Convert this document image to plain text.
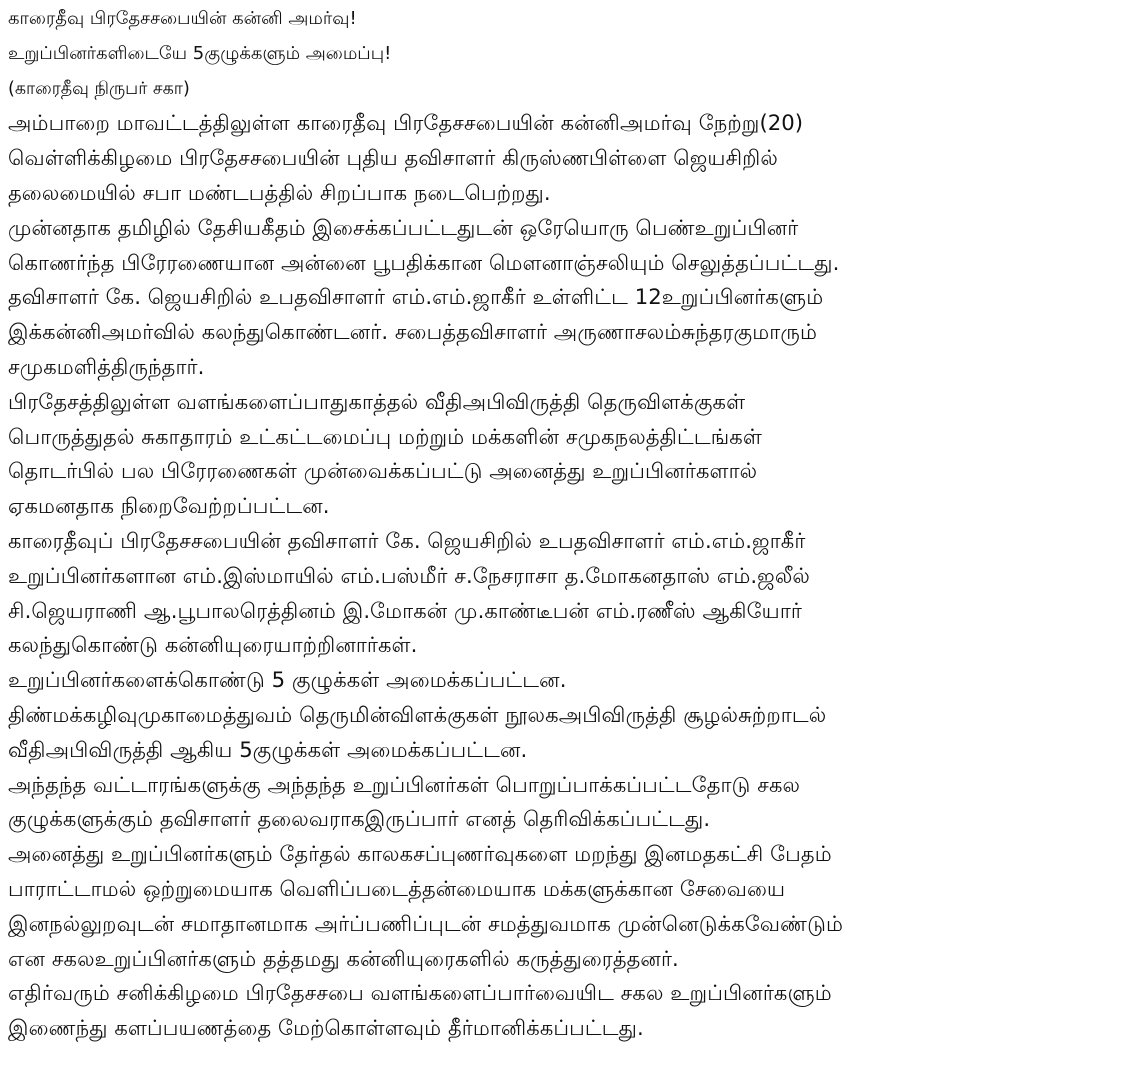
காரைதீவு பிரதேசசபையின் கன்னி அமர்வு!
உறுப்பினர்களிடையே 5குழுக்களும் அமைப்பு!
(காரைதீவு நிருபர் சகா)
அம்பாறை மாவட்டத்திலுள்ள காரைதீவு பிரதேசசபையின் கன்னிஅமர்வு நேற்று(20)
வெள்ளிக்கிழமை பிரதேசசபையின் புதிய தவிசாளர் கிருஸ்ணபிள்ளை ஜெயசிறில்
தலைமையில் சபா மண்டபத்தில் சிறப்பாக நடைபெற்றது.
முன்னதாக தமிழில் தேசியகீதம் இசைக்கப்பட்டதுடன் ஒரேயொரு பெண்உறுப்பினர்
கொணர்ந்த பிரேரணையான அன்னை பூபதிக்கான மௌனாஞ்சலியும் செலுத்தப்பட்டது.
தவிசாளர் கே. ஜெயசிறில் உபதவிசாளர் எம்.எம்.ஜாகீர் உள்ளிட்ட 12உறுப்பினர்களும்
இக்கன்னிஅமர்வில் கலந்துகொண்டனர். சபைத்தவிசாளர் அருணாசலம்சுந்தரகுமாரும்
சமுகமளித்திருந்தார்.
பிரதேசத்திலுள்ள வளங்களைப்பாதுகாத்தல் வீதிஅபிவிருத்தி தெருவிளக்குகள்
பொருத்துதல் சுகாதாரம் உட்கட்டமைப்பு மற்றும் மக்களின் சமுகநலத்திட்டங்கள்
தொடர்பில் பல பிரேரணைகள் முன்வைக்கப்பட்டு அனைத்து உறுப்பினர்களால்
ஏகமனதாக நிறைவேற்றப்பட்டன.
காரைதீவுப் பிரதேசசபையின் தவிசாளர் கே. ஜெயசிறில் உபதவிசாளர் எம்.எம்.ஜாகீர்
உறுப்பினர்களான எம்.இஸ்மாயில் எம்.பஸ்மீர் ச.நேசராசா த.மோகனதாஸ் எம்.ஜலீல்
சி.ஜெயராணி ஆ.பூபாலரெத்தினம் இ.மோகன் மு.காண்டீபன் எம்.ரணீஸ் ஆகியோர்
கலந்துகொண்டு கன்னியுரையாற்றினார்கள்.
உறுப்பினர்களைக்கொண்டு 5 குழுக்கள் அமைக்கப்பட்டன.
திண்மக்கழிவுமுகாமைத்துவம் தெருமின்விளக்குகள் நூலகஅபிவிருத்தி சூழல்சுற்றாடல்
வீதிஅபிவிருத்தி ஆகிய 5குழுக்கள் அமைக்கப்பட்டன.
அந்தந்த வட்டாரங்களுக்கு அந்தந்த உறுப்பினர்கள் பொறுப்பாக்கப்பட்டதோடு சகல
குழுக்களுக்கும் தவிசாளர் தலைவராகஇருப்பார் எனத் தெரிவிக்கப்பட்டது.
அனைத்து உறுப்பினர்களும் தேர்தல் காலகசப்புணர்வுகளை மறந்து இனமதகட்சி பேதம்
பாராட்டாமல் ஒற்றுமையாக வெளிப்படைத்தன்மையாக மக்களுக்கான சேவையை
இனநல்லுறவுடன் சமாதானமாக அர்ப்பணிப்புடன் சமத்துவமாக முன்னெடுக்கவேண்டும்
என சகலஉறுப்பினர்களும் தத்தமது கன்னியுரைகளில் கருத்துரைத்தனர்.
எதிர்வரும் சனிக்கிழமை பிரதேசசபை வளங்களைப்பார்வையிட சகல உறுப்பினர்களும்
இணைந்து களப்பயணத்தை மேற்கொள்ளவும் தீர்மானிக்கப்பட்டது.
